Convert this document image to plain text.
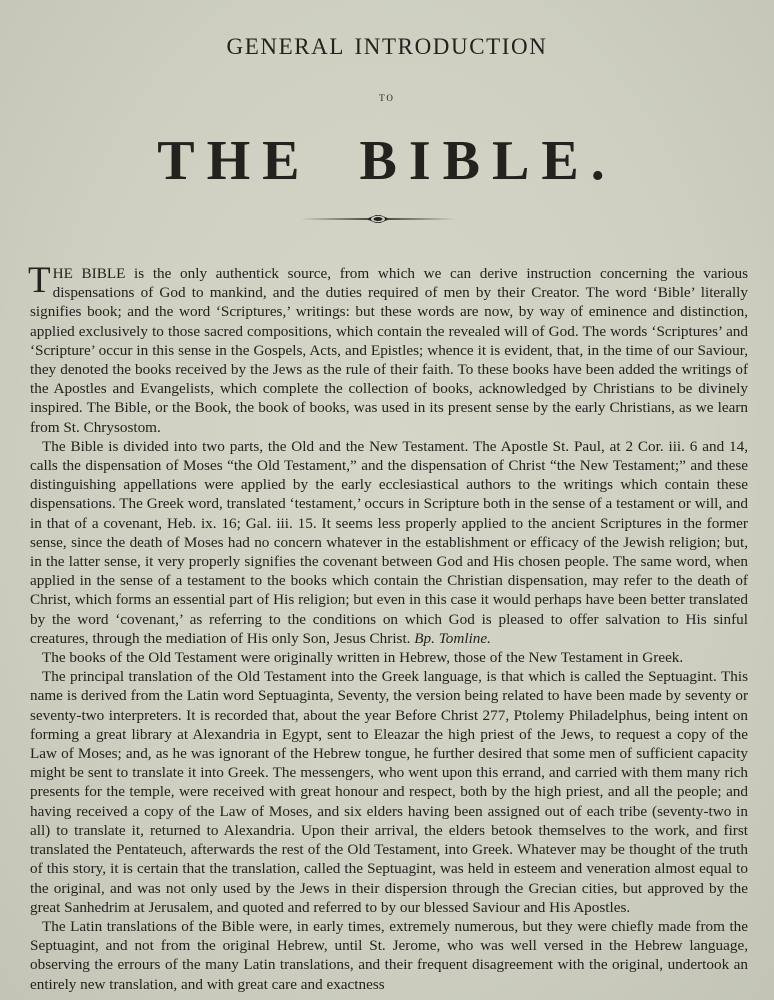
GENERAL INTRODUCTION
TO
THE BIBLE.

THE BIBLE is the only authentick source, from which we can derive instruction concerning the various dispensations of God to mankind, and the duties required of men by their Creator. The word ‘Bible’ literally signifies book; and the word ‘Scriptures,’ writings: but these words are now, by way of eminence and distinction, applied exclusively to those sacred compositions, which contain the revealed will of God. The words ‘Scriptures’ and ‘Scripture’ occur in this sense in the Gospels, Acts, and Epistles; whence it is evident, that, in the time of our Saviour, they denoted the books received by the Jews as the rule of their faith. To these books have been added the writings of the Apostles and Evangelists, which complete the collection of books, acknowledged by Christians to be divinely inspired. The Bible, or the Book, the book of books, was used in its present sense by the early Christians, as we learn from St. Chrysostom.

The Bible is divided into two parts, the Old and the New Testament. The Apostle St. Paul, at 2 Cor. iii. 6 and 14, calls the dispensation of Moses “the Old Testament,” and the dispensation of Christ “the New Testament;” and these distinguishing appellations were applied by the early ecclesiastical authors to the writings which contain these dispensations. The Greek word, translated ‘testament,’ occurs in Scripture both in the sense of a testament or will, and in that of a covenant, Heb. ix. 16; Gal. iii. 15. It seems less properly applied to the ancient Scriptures in the former sense, since the death of Moses had no concern whatever in the establishment or efficacy of the Jewish religion; but, in the latter sense, it very properly signifies the covenant between God and His chosen people. The same word, when applied in the sense of a testament to the books which contain the Christian dispensation, may refer to the death of Christ, which forms an essential part of His religion; but even in this case it would perhaps have been better translated by the word ‘covenant,’ as referring to the conditions on which God is pleased to offer salvation to His sinful creatures, through the mediation of His only Son, Jesus Christ. Bp. Tomline.

The books of the Old Testament were originally written in Hebrew, those of the New Testament in Greek.

The principal translation of the Old Testament into the Greek language, is that which is called the Septuagint. This name is derived from the Latin word Septuaginta, Seventy, the version being related to have been made by seventy or seventy-two interpreters. It is recorded that, about the year Before Christ 277, Ptolemy Philadelphus, being intent on forming a great library at Alexandria in Egypt, sent to Eleazar the high priest of the Jews, to request a copy of the Law of Moses; and, as he was ignorant of the Hebrew tongue, he further desired that some men of sufficient capacity might be sent to translate it into Greek. The messengers, who went upon this errand, and carried with them many rich presents for the temple, were received with great honour and respect, both by the high priest, and all the people; and having received a copy of the Law of Moses, and six elders having been assigned out of each tribe (seventy-two in all) to translate it, returned to Alexandria. Upon their arrival, the elders betook themselves to the work, and first translated the Pentateuch, afterwards the rest of the Old Testament, into Greek. Whatever may be thought of the truth of this story, it is certain that the translation, called the Septuagint, was held in esteem and veneration almost equal to the original, and was not only used by the Jews in their dispersion through the Grecian cities, but approved by the great Sanhedrim at Jerusalem, and quoted and referred to by our blessed Saviour and His Apostles.

The Latin translations of the Bible were, in early times, extremely numerous, but they were chiefly made from the Septuagint, and not from the original Hebrew, until St. Jerome, who was well versed in the Hebrew language, observing the errours of the many Latin translations, and their frequent disagreement with the original, undertook an entirely new translation, and with great care and exactness
